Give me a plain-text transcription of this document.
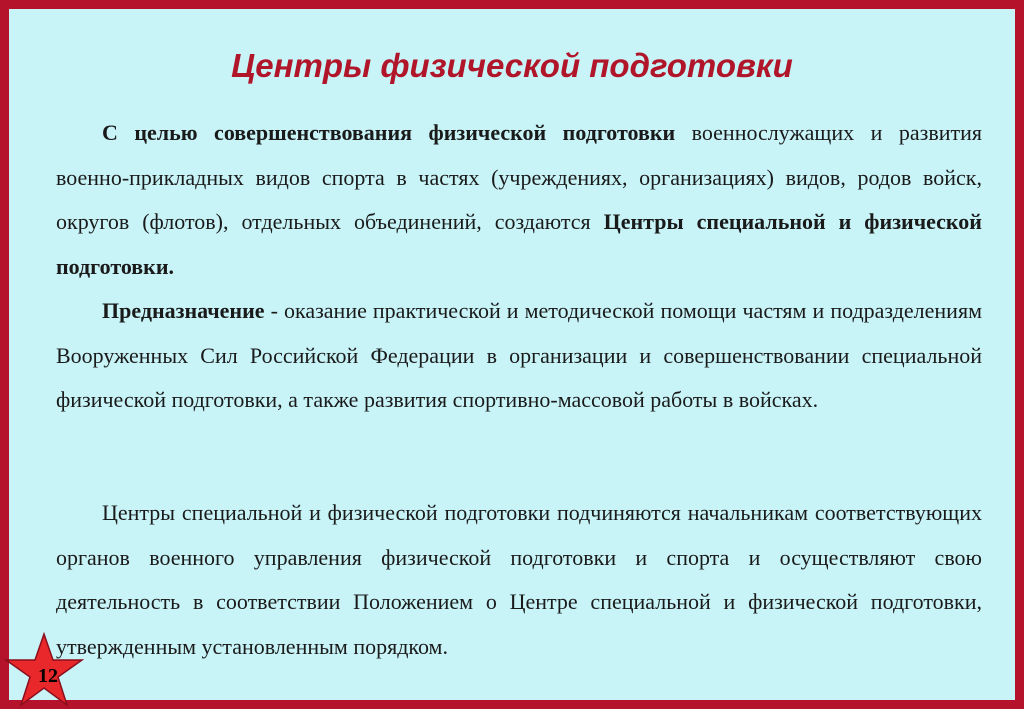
Центры физической подготовки

С целью совершенствования физической подготовки военнослужащих и развития военно-прикладных видов спорта в частях (учреждениях, организациях) видов, родов войск, округов (флотов), отдельных объединений, создаются Центры специальной и физической подготовки.

Предназначение - оказание практической и методической помощи частям и подразделениям Вооруженных Сил Российской Федерации в организации и совершенствовании специальной физической подготовки, а также развития спортивно-массовой работы в войсках.

Центры специальной и физической подготовки подчиняются начальникам соответствующих органов военного управления физической подготовки и спорта и осуществляют свою деятельность в соответствии Положением о Центре специальной и физической подготовки, утвержденным установленным порядком.

12
